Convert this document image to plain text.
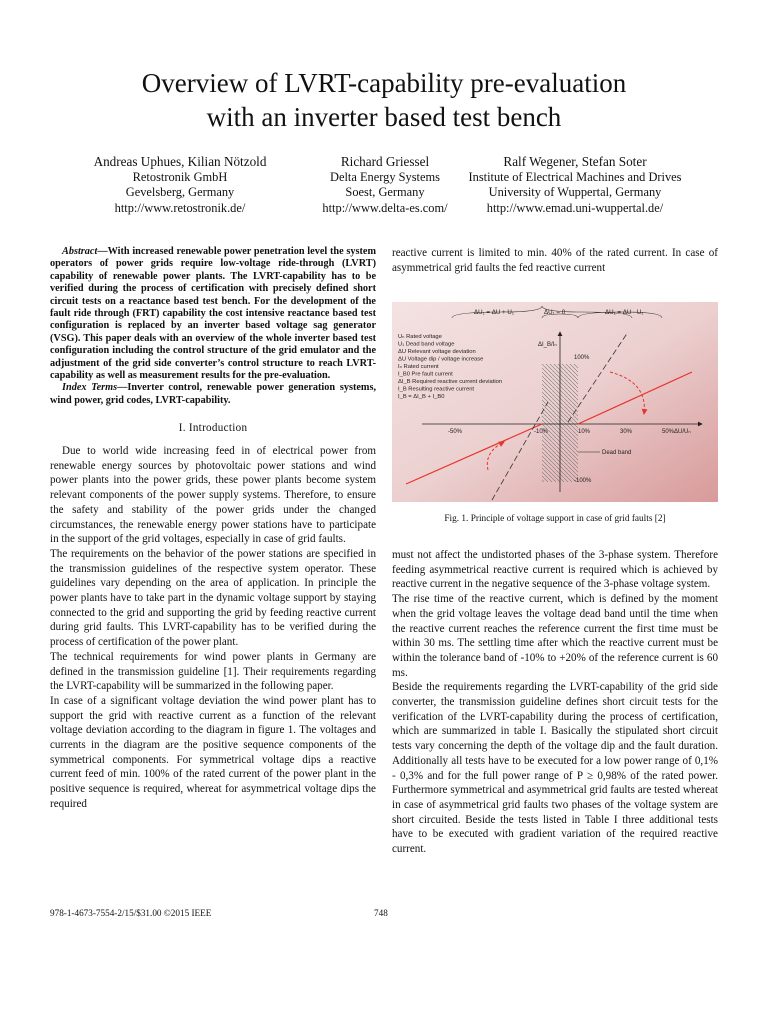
Overview of LVRT-capability pre-evaluation
with an inverter based test bench
Andreas Uphues, Kilian Nötzold
Retostronik GmbH
Gevelsberg, Germany
http://www.retostronik.de/
Richard Griessel
Delta Energy Systems
Soest, Germany
http://www.delta-es.com/
Ralf Wegener, Stefan Soter
Institute of Electrical Machines and Drives
University of Wuppertal, Germany
http://www.emad.uni-wuppertal.de/

Abstract—With increased renewable power penetration level the system operators of power grids require low-voltage ride-through (LVRT) capability of renewable power plants. The LVRT-capability has to be verified during the process of certification with precisely defined short circuit tests on a reactance based test bench. For the development of the fault ride through (FRT) capability the cost intensive reactance based test configuration is replaced by an inverter based voltage sag generator (VSG). This paper deals with an overview of the whole inverter based test configuration including the control structure of the grid emulator and the adjustment of the grid side converter’s control structure to reach LVRT-capability as well as measurement results for the pre-evaluation.

Index Terms—Inverter control, renewable power generation systems, wind power, grid codes, LVRT-capability.

I. Introduction

Due to world wide increasing feed in of electrical power from renewable energy sources by photovoltaic power stations and wind power plants into the power grids, these power plants become system relevant components of the power supply systems. Therefore, to ensure the safety and stability of the power grids under the changed circumstances, the renewable energy power stations have to participate in the support of the grid voltages, especially in case of grid faults.

The requirements on the behavior of the power stations are specified in the transmission guidelines of the respective system operator. These guidelines vary depending on the area of application. In principle the power plants have to take part in the dynamic voltage support by staying connected to the grid and supporting the grid by feeding reactive current during grid faults. This LVRT-capability has to be verified during the process of certification of the power plant.

The technical requirements for wind power plants in Germany are defined in the transmission guideline [1]. Their requirements regarding the LVRT-capability will be summarized in the following paper.

In case of a significant voltage deviation the wind power plant has to support the grid with reactive current as a function of the relevant voltage deviation according to the diagram in figure 1. The voltages and currents in the diagram are the positive sequence components of the symmetrical components. For symmetrical voltage dips a reactive current feed of min. 100% of the rated current of the power plant in the positive sequence is required, whereat for asymmetrical voltage dips the required

reactive current is limited to min. 40% of the rated current. In case of asymmetrical grid faults the fed reactive current

ΔU₁ = ΔU + U₁	ΔU₁ = 0	ΔU₁ = ΔU - U₁
Uₙ Rated voltage
U₁ Dead band voltage
ΔU Relevant voltage deviation
ΔU Voltage dip / voltage increase
Iₙ Rated current
I_B0 Pre fault current
ΔI_B Required reactive current deviation
I_B Resulting reactive current
I_B = ΔI_B + I_B0
ΔI_B/Iₙ
100%
-100%
-50%	-10%	10%	30%	50% ΔU/Uₙ
Dead band
Fig. 1. Principle of voltage support in case of grid faults [2]

must not affect the undistorted phases of the 3-phase system. Therefore feeding asymmetrical reactive current is required which is achieved by reactive current in the negative sequence of the 3-phase voltage system.

The rise time of the reactive current, which is defined by the moment when the grid voltage leaves the voltage dead band until the time when the reactive current reaches the reference current the first time must be within 30 ms. The settling time after which the reactive current must be within the tolerance band of -10% to +20% of the reference current is 60 ms.

Beside the requirements regarding the LVRT-capability of the grid side converter, the transmission guideline defines short circuit tests for the verification of the LVRT-capability during the process of certification, which are summarized in table I. Basically the stipulated short circuit tests vary concerning the depth of the voltage dip and the fault duration. Additionally all tests have to be executed for a low power range of 0,1% - 0,3% and for the full power range of P ≥ 0,98% of the rated power. Furthermore symmetrical and asymmetrical grid faults are tested whereat in case of asymmetrical grid faults two phases of the voltage system are short circuited. Beside the tests listed in Table I three additional tests have to be executed with gradient variation of the required reactive current.

978-1-4673-7554-2/15/$31.00 ©2015 IEEE	748
